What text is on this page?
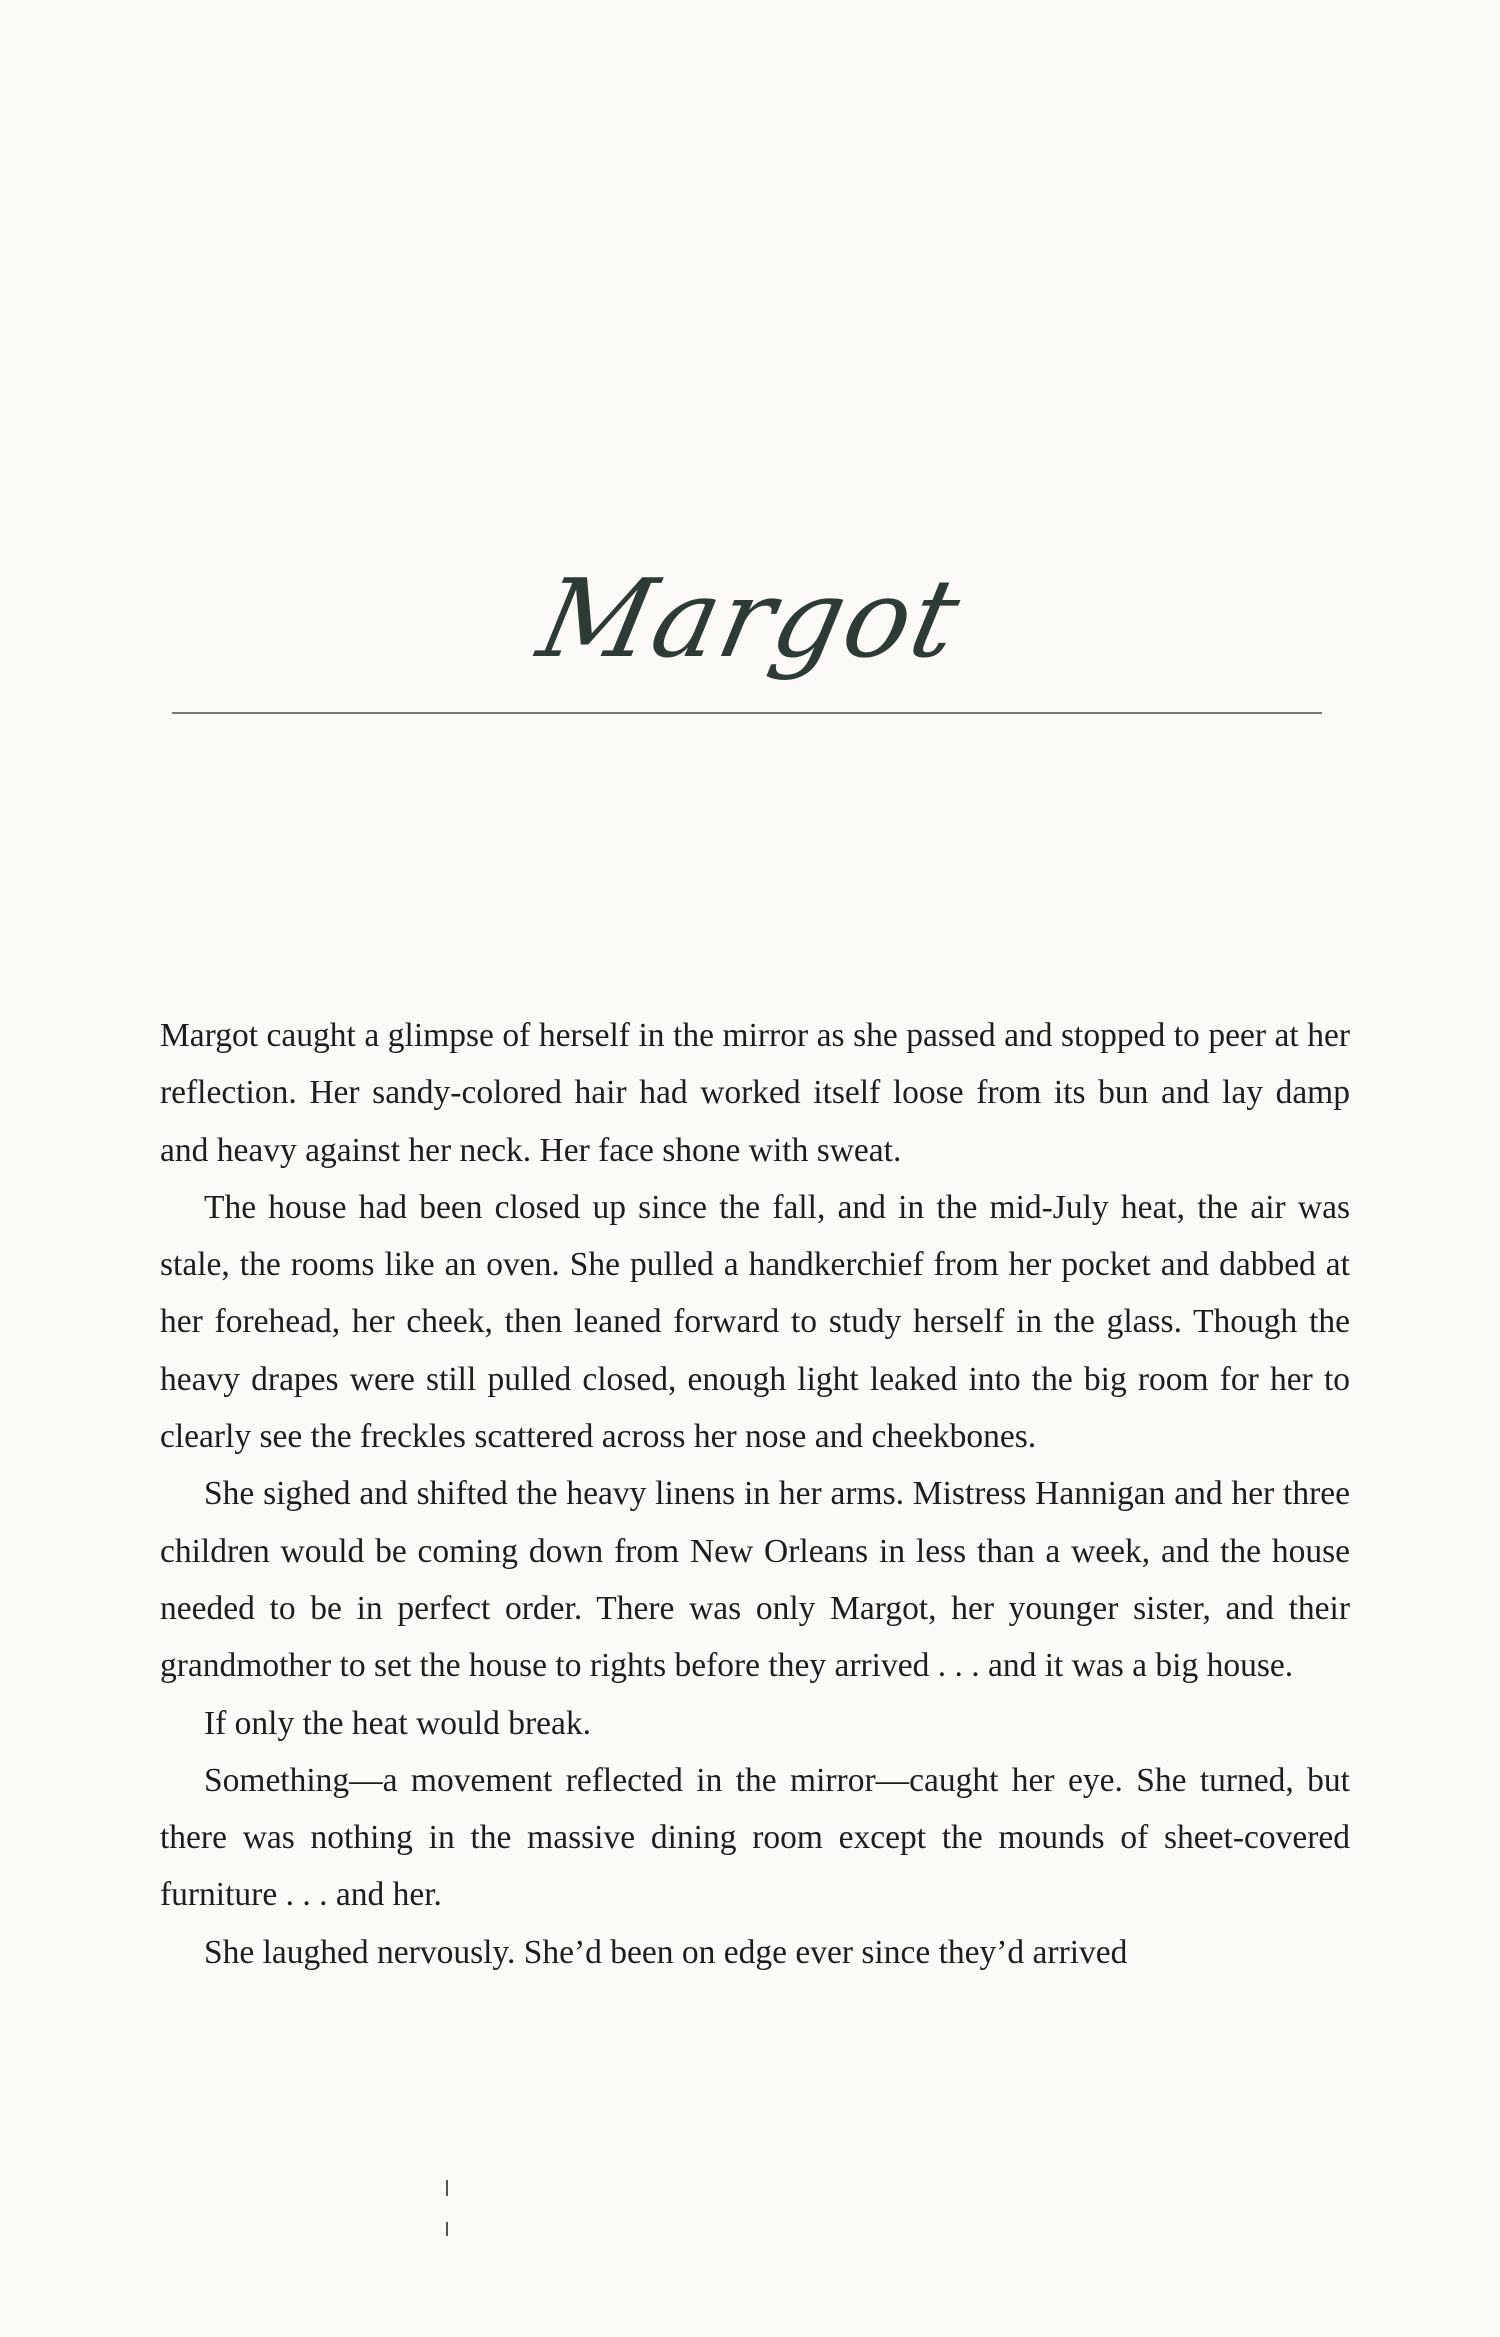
Margot

Margot caught a glimpse of herself in the mirror as she passed and stopped to peer at her reflection. Her sandy-colored hair had worked itself loose from its bun and lay damp and heavy against her neck. Her face shone with sweat.

The house had been closed up since the fall, and in the mid-July heat, the air was stale, the rooms like an oven. She pulled a handkerchief from her pocket and dabbed at her forehead, her cheek, then leaned forward to study herself in the glass. Though the heavy drapes were still pulled closed, enough light leaked into the big room for her to clearly see the freckles scattered across her nose and cheekbones.

She sighed and shifted the heavy linens in her arms. Mistress Hannigan and her three children would be coming down from New Orleans in less than a week, and the house needed to be in perfect order. There was only Margot, her younger sister, and their grandmother to set the house to rights before they arrived . . . and it was a big house.

If only the heat would break.

Something—a movement reflected in the mirror—caught her eye. She turned, but there was nothing in the massive dining room except the mounds of sheet-covered furniture . . . and her.

She laughed nervously. She’d been on edge ever since they’d arrived
